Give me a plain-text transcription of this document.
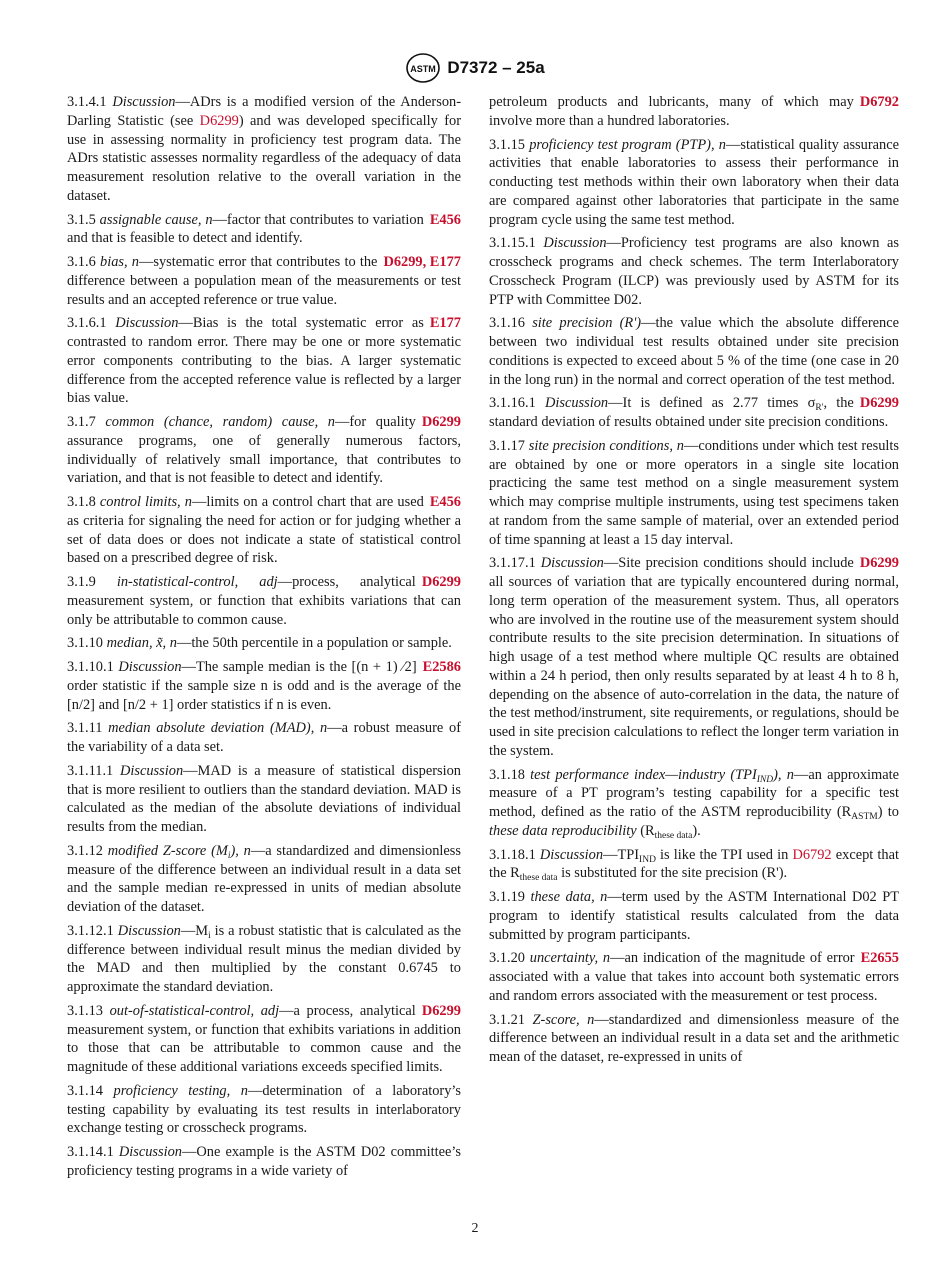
ASTM D7372 – 25a

3.1.4.1 Discussion—ADrs is a modified version of the Anderson-Darling Statistic (see D6299) and was developed specifically for use in assessing normality in proficiency test program data. The ADrs statistic assesses normality regardless of the adequacy of data measurement resolution relative to the overall variation in the dataset.

E456
3.1.5 assignable cause, n—factor that contributes to variation and that is feasible to detect and identify.

D6299, E177
3.1.6 bias, n—systematic error that contributes to the difference between a population mean of the measurements or test results and an accepted reference or true value.

E177
3.1.6.1 Discussion—Bias is the total systematic error as contrasted to random error. There may be one or more systematic error components contributing to the bias. A larger systematic difference from the accepted reference value is reflected by a larger bias value.

D6299
3.1.7 common (chance, random) cause, n—for quality assurance programs, one of generally numerous factors, individually of relatively small importance, that contributes to variation, and that is not feasible to detect and identify.

E456
3.1.8 control limits, n—limits on a control chart that are used as criteria for signaling the need for action or for judging whether a set of data does or does not indicate a state of statistical control based on a prescribed degree of risk.

D6299
3.1.9 in-statistical-control, adj—process, analytical measurement system, or function that exhibits variations that can only be attributable to common cause.

3.1.10 median, x̃, n—the 50th percentile in a population or sample.

E2586
3.1.10.1 Discussion—The sample median is the [(n + 1) ⁄2] order statistic if the sample size n is odd and is the average of the [n/2] and [n/2 + 1] order statistics if n is even.

3.1.11 median absolute deviation (MAD), n—a robust measure of the variability of a data set.

3.1.11.1 Discussion—MAD is a measure of statistical dispersion that is more resilient to outliers than the standard deviation. MAD is calculated as the median of the absolute deviations of individual results from the median.

3.1.12 modified Z-score $(M_i)$, n—a standardized and dimensionless measure of the difference between an individual result in a data set and the sample median re-expressed in units of median absolute deviation of the dataset.

3.1.12.1 $Discussion—M_i$ is a robust statistic that is calculated as the difference between individual result minus the median divided by the MAD and then multiplied by the constant 0.6745 to approximate the standard deviation.

D6299
3.1.13 out-of-statistical-control, adj—a process, analytical measurement system, or function that exhibits variations in addition to those that can be attributable to common cause and the magnitude of these additional variations exceeds specified limits.

3.1.14 proficiency testing, n—determination of a laboratory’s testing capability by evaluating its test results in interlaboratory exchange testing or crosscheck programs.

3.1.14.1 Discussion—One example is the ASTM D02 committee’s proficiency testing programs in a wide variety of

D6792
petroleum products and lubricants, many of which may involve more than a hundred laboratories.

3.1.15 proficiency test program (PTP), n—statistical quality assurance activities that enable laboratories to assess their performance in conducting test methods within their own laboratory when their data are compared against other laboratories that participate in the same program cycle using the same test method.

3.1.15.1 Discussion—Proficiency test programs are also known as crosscheck programs and check schemes. The term Interlaboratory Crosscheck Program (ILCP) was previously used by ASTM for its PTP with Committee D02.

3.1.16 site precision (R')—the value which the absolute difference between two individual test results obtained under site precision conditions is expected to exceed about 5 % of the time (one case in 20 in the long run) in the normal and correct operation of the test method.

D6299
3.1.16.1 Discussion—It is defined as 2.77 times $\sigma_{R'}$, the standard deviation of results obtained under site precision conditions.

3.1.17 site precision conditions, n—conditions under which test results are obtained by one or more operators in a single site location practicing the same test method on a single measurement system which may comprise multiple instruments, using test specimens taken at random from the same sample of material, over an extended period of time spanning at least a 15 day interval.

D6299
3.1.17.1 Discussion—Site precision conditions should include all sources of variation that are typically encountered during normal, long term operation of the measurement system. Thus, all operators who are involved in the routine use of the measurement system should contribute results to the site precision determination. In situations of high usage of a test method where multiple QC results are obtained within a 24 h period, then only results separated by at least 4 h to 8 h, depending on the absence of auto-correlation in the data, the nature of the test method/instrument, site requirements, or regulations, should be used in site precision calculations to reflect the longer term variation in the system.

3.1.18 test performance index—industry $(TPI_{IND})$, n—an approximate measure of a PT program’s testing capability for a specific test method, defined as the ratio of the ASTM reproducibility $(R_{ASTM})$ to these data reproducibility $(R_{these data})$.

3.1.18.1 $Discussion—TPI_{IND}$ is like the TPI used in D6792 except that the $R_{these data}$ is substituted for the site precision (R').

3.1.19 these data, n—term used by the ASTM International D02 PT program to identify statistical results calculated from the data submitted by program participants.

E2655
3.1.20 uncertainty, n—an indication of the magnitude of error associated with a value that takes into account both systematic errors and random errors associated with the measurement or test process.

3.1.21 Z-score, n—standardized and dimensionless measure of the difference between an individual result in a data set and the arithmetic mean of the dataset, re-expressed in units of

2
